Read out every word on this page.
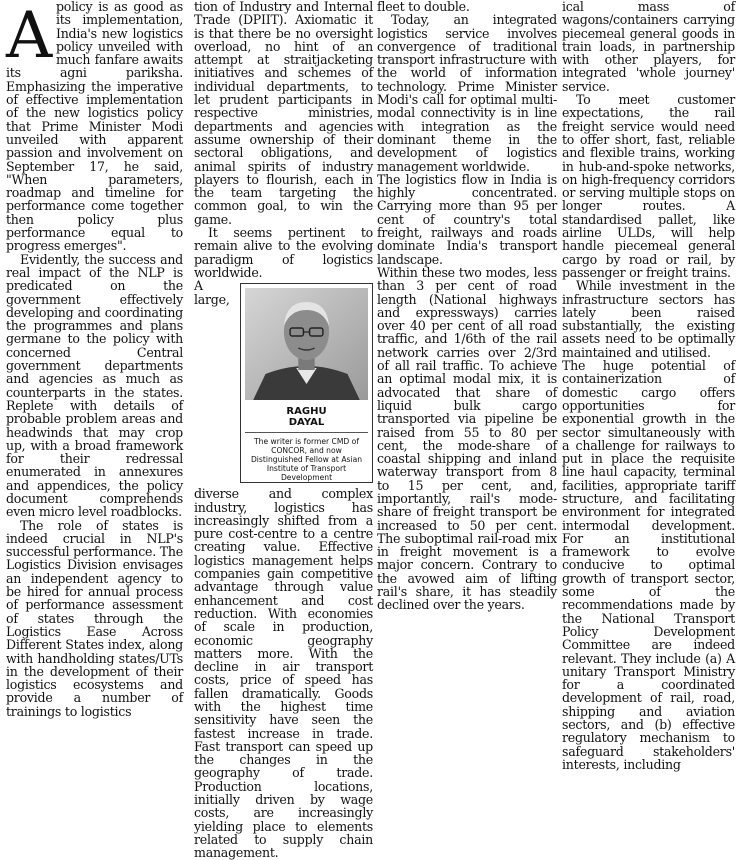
Apolicy is as good as its implementation, India's new logistics policy unveiled with much fanfare awaits its agni pariksha. Emphasizing the imperative of effective implementation of the new logistics policy that Prime Minister Modi unveiled with apparent passion and involvement on September 17, he said, "When parameters, roadmap and timeline for performance come together then policy plus performance equal to progress emerges".

Evidently, the success and real impact of the NLP is predicated on the government effectively developing and coordinating the programmes and plans germane to the policy with concerned Central government departments and agencies as much as counterparts in the states. Replete with details of probable problem areas and headwinds that may crop up, with a broad framework for their redressal enumerated in annexures and appendices, the policy document comprehends even micro level roadblocks.

The role of states is indeed crucial in NLP's successful performance. The Logistics Division envisages an independent agency to be hired for annual process of performance assessment of states through the Logistics Ease Across Different States index, along with handholding states/UTs in the development of their logistics ecosystems and provide a number of trainings to logistics

tion of Industry and Internal Trade (DPIIT). Axiomatic it is that there be no oversight overload, no hint of an attempt at straitjacketing initiatives and schemes of individual departments, to let prudent participants in respective ministries, departments and agencies assume ownership of their sectoral obligations, and animal spirits of industry players to flourish, each in the team targeting the common goal, to win the game.

It seems pertinent to remain alive to the evolving paradigm of logistics worldwide.

RAGHU
DAYAL
The writer is former CMD of CONCOR, and now Distinguished Fellow at Asian Institute of Transport Development

A large, diverse and complex industry, logistics has increasingly shifted from a pure cost-centre to a centre creating value. Effective logistics management helps companies gain competitive advantage through value enhancement and cost reduction. With economies of scale in production, economic geography matters more. With the decline in air transport costs, price of speed has fallen dramatically. Goods with the highest time sensitivity have seen the fastest increase in trade. Fast transport can speed up the changes in the geography of trade. Production locations, initially driven by wage costs, are increasingly yielding place to elements related to supply chain management.

fleet to double.

Today, an integrated logistics service involves convergence of traditional transport infrastructure with the world of information technology. Prime Minister Modi's call for optimal multi-modal connectivity is in line with integration as the dominant theme in the development of logistics management worldwide.

The logistics flow in India is highly concentrated. Carrying more than 95 per cent of country's total freight, railways and roads dominate India's transport landscape.

Within these two modes, less than 3 per cent of road length (National highways and expressways) carries over 40 per cent of all road traffic, and 1/6th of the rail network carries over 2/3rd of all rail traffic. To achieve an optimal modal mix, it is advocated that share of liquid bulk cargo transported via pipeline be raised from 55 to 80 per cent, the mode-share of coastal shipping and inland waterway transport from 8 to 15 per cent, and, importantly, rail's mode-share of freight transport be increased to 50 per cent. The suboptimal rail-road mix in freight movement is a major concern. Contrary to the avowed aim of lifting rail's share, it has steadily declined over the years.

ical mass of wagons/containers carrying piecemeal general goods in train loads, in partnership with other players, for integrated 'whole journey' service.

To meet customer expectations, the rail freight service would need to offer short, fast, reliable and flexible trains, working in hub-and-spoke networks, on high-frequency corridors or serving multiple stops on longer routes. A standardised pallet, like airline ULDs, will help handle piecemeal general cargo by road or rail, by passenger or freight trains.

While investment in the infrastructure sectors has lately been raised substantially, the existing assets need to be optimally maintained and utilised.

The huge potential of containerization of domestic cargo offers opportunities for exponential growth in the sector simultaneously with a challenge for railways to put in place the requisite line haul capacity, terminal facilities, appropriate tariff structure, and facilitating environment for integrated intermodal development. For an institutional framework to evolve conducive to optimal growth of transport sector, some of the recommendations made by the National Transport Policy Development Committee are indeed relevant. They include (a) A unitary Transport Ministry for a coordinated development of rail, road, shipping and aviation sectors, and (b) effective regulatory mechanism to safeguard stakeholders' interests, including
